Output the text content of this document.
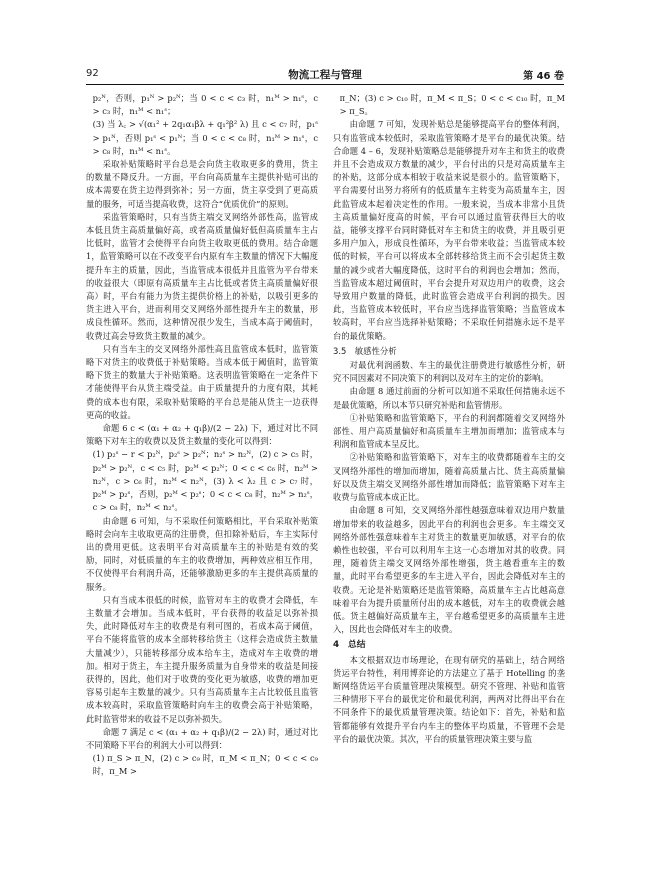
92	物流工程与管理	第 46 卷

p₂ᴺ，否则，p₁ᴺ > p₂ᴺ；当 0 < c < c₃ 时，n₁ᴹ > n₁ˢ，c > c₃ 时，n₁ᴹ < n₁ˢ；

(3) 当 λ꜀ > √(α₁² + 2q₁α₁βλ + q₁²β² λ) 且 c < c₇ 时，p₁ˢ > p₁ᴺ，否则 p₁ˢ < p₁ᴺ；当 0 < c < c₈ 时，n₁ᴹ > n₁ˢ，c > c₈ 时，n₁ᴹ < n₁ˢ。

采取补贴策略时平台总是会向货主收取更多的费用，货主的数量不降反升。一方面，平台向高质量车主提供补贴可出的成本需要在货主边得到弥补；另一方面，货主享受到了更高质量的服务，可适当提高收费，这符合“优质优价”的原则。

采监管策略时，只有当货主端交叉网络外部性高，监管成本低且货主高质量偏好高，或者高质量偏好低但高质量车主占比低时，监管才会使得平台向货主收取更低的费用。结合命题 1，监管策略可以在不改变平台内原有车主数量的情况下大幅度提升车主的质量，因此，当监管成本很低并且监管为平台带来的收益很大（即原有高质量车主占比低或者货主高质量偏好很高）时，平台有能力为货主提供价格上的补贴，以吸引更多的货主进入平台，进而利用交叉网络外部性提升车主的数量，形成良性循环。然而，这种情况很少发生，当成本高于阈值时，收费过高会导致货主数量的减少。

只有当车主的交叉网络外部性高且监管成本低时，监管策略下对货主的收费低于补贴策略。当成本低于阈值时，监管策略下货主的数量大于补贴策略。这表明监管策略在一定条件下才能使得平台从货主端受益。由于质量提升的力度有限，其耗费的成本也有限，采取补贴策略的平台总是能从货主一边获得更高的收益。

命题 6 c < (α₁ + α₂ + q₁β)/(2 − 2λ) 下，通过对比不同策略下对车主的收费以及货主数量的变化可以得到：

(1) p₂ˢ − r < p₂ᴺ，p₂ˢ > p₂ᴺ；n₂ˢ > n₂ᴺ，(2) c > c₅ 时，p₂ᴹ > p₂ᴺ，c < c₅ 时，p₂ᴹ < p₂ᴺ；0 < c < c₆ 时，n₂ᴹ > n₂ᴺ，c > c₆ 时，n₂ᴹ < n₂ᴺ，(3) λ < λ₂ 且 c > c₇ 时，p₂ᴹ > p₂ˢ，否则，p₂ᴹ < p₂ˢ；0 < c < c₈ 时，n₂ᴹ > n₂ˢ，c > c₈ 时，n₂ᴹ < n₂ˢ。

由命题 6 可知，与不采取任何策略相比，平台采取补贴策略时会向车主收取更高的注册费，但扣除补贴后，车主实际付出的费用更低。这表明平台对高质量车主的补贴是有效的奖励，同时，对低质量的车主的收费增加，两种效应相互作用，不仅使得平台利润升高，还能够激励更多的车主提供高质量的服务。

只有当成本很低的时候，监管对车主的收费才会降低，车主数量才会增加。当成本低时，平台获得的收益足以弥补损失，此时降低对车主的收费是有利可图的，若成本高于阈值，平台不能将监管的成本全部转移给货主（这样会造成货主数量大量减少），只能转移部分成本给车主，造成对车主收费的增加。相对于货主，车主提升服务质量为自身带来的收益是间接获得的，因此，他们对于收费的变化更为敏感，收费的增加更容易引起车主数量的减少。只有当高质量车主占比较低且监管成本较高时，采取监管策略时向车主的收费会高于补贴策略，此时监管带来的收益不足以弥补损失。

命题 7 满足 c < (α₁ + α₂ + q₁β)/(2 − 2λ) 时，通过对比不同策略下平台的利润大小可以得到：

(1) π_S > π_N，(2) c > c₉ 时，π_M < π_N；0 < c < c₉ 时，π_M >

π_N；(3) c > c₁₀ 时，π_M < π_S；0 < c < c₁₀ 时，π_M > π_S。

由命题 7 可知，发现补贴总是能够提高平台的整体利润，只有监管成本较低时，采取监管策略才是平台的最优决策。结合命题 4 – 6，发现补贴策略总是能够提升对车主和货主的收费并且不会造成双方数量的减少，平台付出的只是对高质量车主的补贴，这部分成本相较于收益来说是很小的。监管策略下，平台需要付出努力将所有的低质量车主转变为高质量车主，因此监管成本起着决定性的作用。一般来说，当成本非常小且货主高质量偏好度高的时候，平台可以通过监管获得巨大的收益，能够支撑平台同时降低对车主和货主的收费，并且吸引更多用户加入，形成良性循环，为平台带来收益；当监管成本较低的时候，平台可以将成本全部转移给货主而不会引起货主数量的减少或者大幅度降低，这时平台的利润也会增加；然而，当监管成本超过阈值时，平台会提升对双边用户的收费，这会导致用户数量的降低，此时监管会造成平台利润的损失。因此，当监管成本较低时，平台应当选择监管策略；当监管成本较高时，平台应当选择补贴策略；不采取任何措施永远不是平台的最优策略。

3.5　敏感性分析

对最优利润函数、车主的最优注册费进行敏感性分析，研究不同因素对不同决策下的利润以及对车主的定价的影响。

由命题 8 通过前面的分析可以知道不采取任何措施永远不是最优策略，所以本节只研究补贴和监管情形。

①补贴策略和监管策略下，平台的利润都随着交叉网络外部性、用户高质量偏好和高质量车主增加而增加；监管成本与利润和监管成本呈反比。

②补贴策略和监管策略下，对车主的收费都随着车主的交叉网络外部性的增加而增加，随着高质量占比、货主高质量偏好以及货主端交叉网络外部性增加而降低；监管策略下对车主收费与监管成本成正比。

由命题 8 可知，交叉网络外部性越强意味着双边用户数量增加带来的收益越多，因此平台的利润也会更多。车主端交叉网络外部性强意味着车主对货主的数量更加敏感，对平台的依赖性也较强，平台可以利用车主这一心态增加对其的收费。同理，随着货主端交叉网络外部性增强，货主越看重车主的数量，此时平台希望更多的车主进入平台，因此会降低对车主的收费。无论是补贴策略还是监管策略，高质量车主占比越高意味着平台为提升质量所付出的成本越低，对车主的收费就会越低。货主越偏好高质量车主，平台越希望更多的高质量车主进入，因此也会降低对车主的收费。

4　总结

本文根据双边市场理论，在现有研究的基础上，结合网络货运平台特性，利用博弈论的方法建立了基于 Hotelling 的垄断网络货运平台质量管理决策模型。研究不管理、补贴和监管三种情形下平台的最优定价和最优利润，两两对比得出平台在不同条件下的最优质量管理决策。结论如下：首先，补贴和监管都能够有效提升平台内车主的整体平均质量，不管理不会是平台的最优决策。其次，平台的质量管理决策主要与监
